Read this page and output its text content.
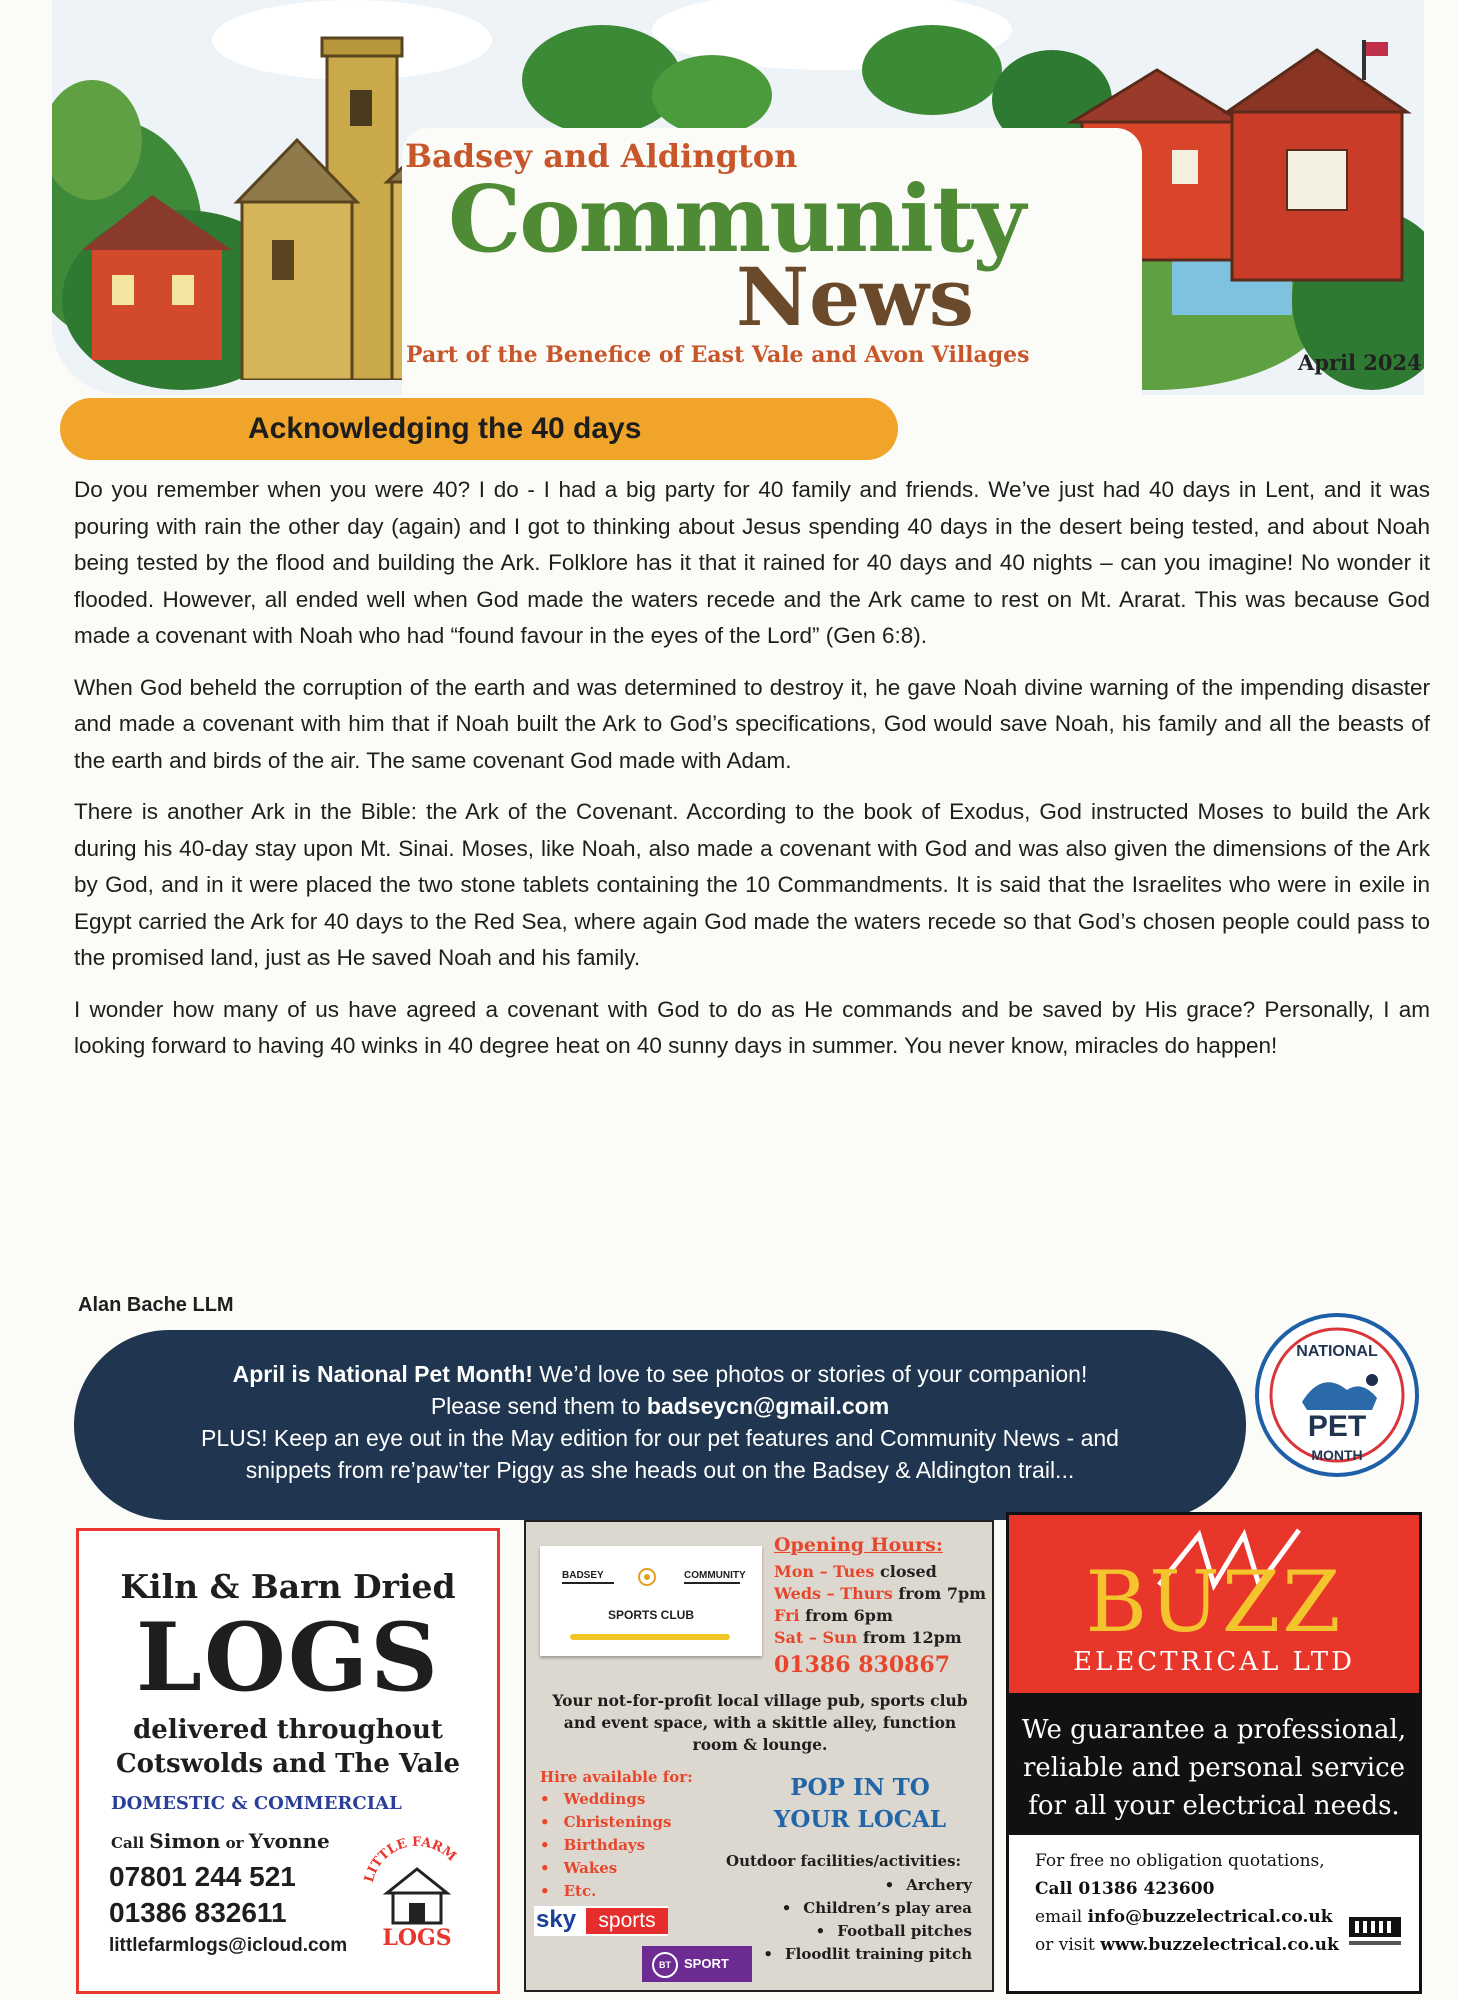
Badsey and Aldington
Community
News
Part of the Benefice of East Vale and Avon Villages	April 2024
Acknowledging the 40 days

Do you remember when you were 40? I do - I had a big party for 40 family and friends. We’ve just had 40 days in Lent, and it was pouring with rain the other day (again) and I got to thinking about Jesus spending 40 days in the desert being tested, and about Noah being tested by the flood and building the Ark. Folklore has it that it rained for 40 days and 40 nights – can you imagine! No wonder it flooded. However, all ended well when God made the waters recede and the Ark came to rest on Mt. Ararat. This was because God made a covenant with Noah who had “found favour in the eyes of the Lord” (Gen 6:8).

When God beheld the corruption of the earth and was determined to destroy it, he gave Noah divine warning of the impending disaster and made a covenant with him that if Noah built the Ark to God’s specifications, God would save Noah, his family and all the beasts of the earth and birds of the air. The same covenant God made with Adam.

There is another Ark in the Bible: the Ark of the Covenant. According to the book of Exodus, God instructed Moses to build the Ark during his 40-day stay upon Mt. Sinai. Moses, like Noah, also made a covenant with God and was also given the dimensions of the Ark by God, and in it were placed the two stone tablets containing the 10 Commandments. It is said that the Israelites who were in exile in Egypt carried the Ark for 40 days to the Red Sea, where again God made the waters recede so that God’s chosen people could pass to the promised land, just as He saved Noah and his family.

I wonder how many of us have agreed a covenant with God to do as He commands and be saved by His grace? Personally, I am looking forward to having 40 winks in 40 degree heat on 40 sunny days in summer. You never know, miracles do happen!

Alan Bache LLM
April is National Pet Month! We’d love to see photos or stories of your companion!
Please send them to badseycn@gmail.com
PLUS! Keep an eye out in the May edition for our pet features and Community News - and
snippets from re’paw’ter Piggy as she heads out on the Badsey & Aldington trail...
NATIONAL
PET
MONTH
Kiln & Barn Dried
LOGS
delivered throughout
Cotswolds and The Vale
DOMESTIC & COMMERCIAL
Call Simon or Yvonne
07801 244 521
01386 832611
littlefarmlogs@icloud.com
LITTLE FARM
LOGS
BADSEY	COMMUNITY
SPORTS CLUB
Opening Hours:
Mon – Tues closed
Weds – Thurs from 7pm
Fri from 6pm
Sat – Sun from 12pm
01386 830867
Your not-for-profit local village pub, sports club and event space, with a skittle alley, function room & lounge.
Hire available for:
• Weddings
• Christenings
• Birthdays
• Wakes
• Etc.
POP IN TO
YOUR LOCAL
Outdoor facilities/activities:
• Archery
• Children’s play area
• Football pitches
• Floodlit training pitch
sky	sports
BT	SPORT
BUZZ
ELECTRICAL LTD
We guarantee a professional,
reliable and personal service
for all your electrical needs.
For free no obligation quotations,
Call 01386 423600
email info@buzzelectrical.co.uk
or visit www.buzzelectrical.co.uk
